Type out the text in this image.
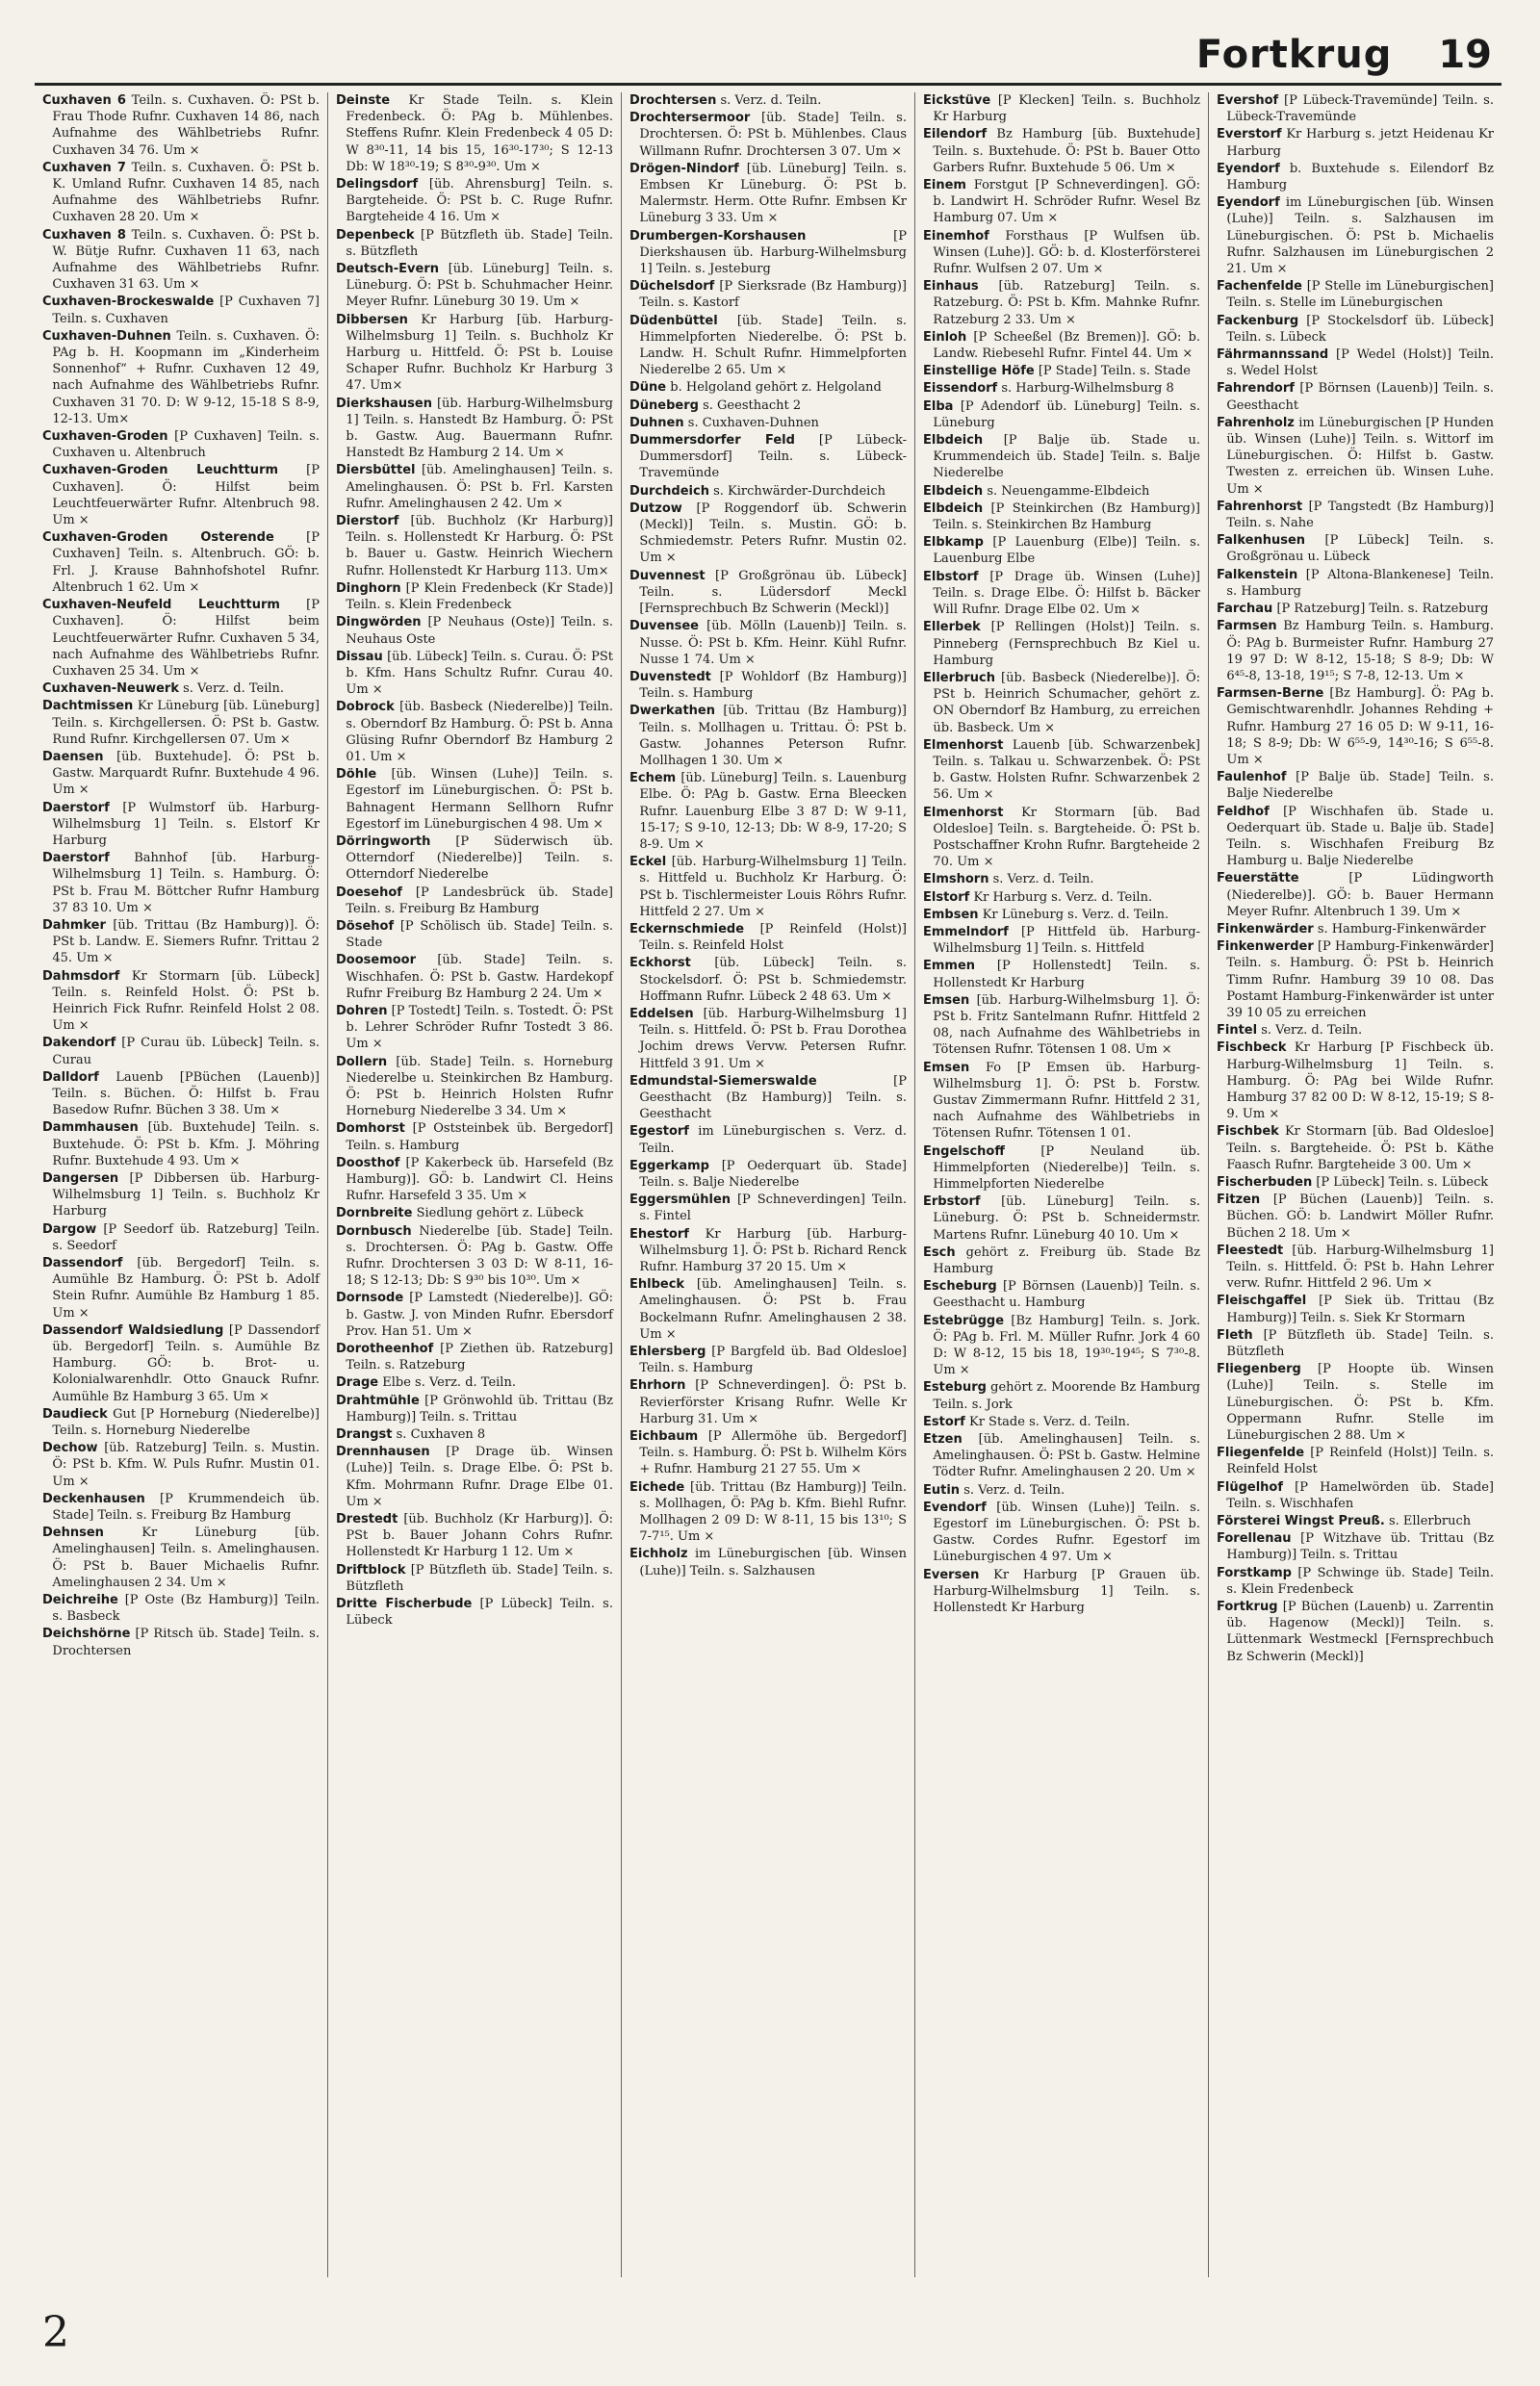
Fortkrug 19
Cuxhaven 6 Teiln. s. Cuxhaven. Ö: PSt b. Frau Thode Rufnr. Cuxhaven 14 86, nach Aufnahme des Wählbetriebs Rufnr. Cuxhaven 34 76. Um ×
Cuxhaven 7 Teiln. s. Cuxhaven. Ö: PSt b. K. Umland Rufnr. Cuxhaven 14 85, nach Aufnahme des Wählbetriebs Rufnr. Cuxhaven 28 20. Um ×
Cuxhaven 8 Teiln. s. Cuxhaven. Ö: PSt b. W. Bütje Rufnr. Cuxhaven 11 63, nach Aufnahme des Wählbetriebs Rufnr. Cuxhaven 31 63. Um ×
Cuxhaven-Brockeswalde [P Cuxhaven 7] Teiln. s. Cuxhaven
Cuxhaven-Duhnen Teiln. s. Cuxhaven. Ö: PAg b. H. Koopmann im „Kinderheim Sonnenhof“ + Rufnr. Cuxhaven 12 49, nach Aufnahme des Wählbetriebs Rufnr. Cuxhaven 31 70. D: W 9-12, 15-18 S 8-9, 12-13. Um×
Cuxhaven-Groden [P Cuxhaven] Teiln. s. Cuxhaven u. Altenbruch
Cuxhaven-Groden Leuchtturm [P Cuxhaven]. Ö: Hilfst beim Leuchtfeuerwärter Rufnr. Altenbruch 98. Um ×
Cuxhaven-Groden Osterende	[P Cuxhaven] Teiln. s. Altenbruch. GÖ: b. Frl. J. Krause Bahnhofshotel Rufnr. Altenbruch 1 62. Um ×
Cuxhaven-Neufeld Leuchtturm [P Cuxhaven]. Ö: Hilfst beim Leuchtfeuerwärter Rufnr. Cuxhaven 5 34, nach Aufnahme des Wählbetriebs Rufnr. Cuxhaven 25 34. Um ×
Cuxhaven-Neuwerk s. Verz. d. Teiln.
Dachtmissen Kr Lüneburg [üb. Lüneburg] Teiln. s. Kirchgellersen. Ö: PSt b. Gastw. Rund Rufnr. Kirchgellersen 07. Um ×
Daensen [üb. Buxtehude]. Ö: PSt b. Gastw. Marquardt Rufnr. Buxtehude 4 96. Um ×
Daerstorf [P Wulmstorf üb. Harburg-Wilhelmsburg 1] Teiln. s. Elstorf Kr Harburg
Daerstorf Bahnhof [üb. Harburg-Wilhelmsburg 1] Teiln. s. Hamburg. Ö: PSt b. Frau M. Böttcher Rufnr Hamburg 37 83 10. Um ×
Dahmker [üb. Trittau (Bz Hamburg)]. Ö: PSt b. Landw. E. Siemers Rufnr. Trittau 2 45. Um ×
Dahmsdorf Kr Stormarn [üb. Lübeck] Teiln. s. Reinfeld Holst. Ö: PSt b. Heinrich Fick Rufnr. Reinfeld Holst 2 08. Um ×
Dakendorf [P Curau üb. Lübeck] Teiln. s. Curau
Dalldorf Lauenb [PBüchen (Lauenb)] Teiln. s. Büchen. Ö: Hilfst b. Frau Basedow Rufnr. Büchen 3 38. Um ×
Dammhausen [üb. Buxtehude] Teiln. s. Buxtehude. Ö: PSt b. Kfm. J. Möhring Rufnr. Buxtehude 4 93. Um ×
Dangersen [P Dibbersen üb. Harburg-Wilhelmsburg 1] Teiln. s. Buchholz Kr Harburg
Dargow [P Seedorf üb. Ratzeburg] Teiln. s. Seedorf
Dassendorf [üb. Bergedorf] Teiln. s. Aumühle Bz Hamburg. Ö: PSt b. Adolf Stein Rufnr. Aumühle Bz Hamburg 1 85. Um ×
Dassendorf Waldsiedlung [P Dassendorf üb. Bergedorf] Teiln. s. Aumühle Bz Hamburg. GÖ: b. Brot- u. Kolonialwarenhdlr. Otto Gnauck Rufnr. Aumühle Bz Hamburg 3 65. Um ×
Daudieck Gut [P Horneburg (Niederelbe)] Teiln. s. Horneburg Niederelbe
Dechow [üb. Ratzeburg] Teiln. s. Mustin. Ö: PSt b. Kfm. W. Puls Rufnr. Mustin 01. Um ×
Deckenhausen [P Krummendeich üb. Stade] Teiln. s. Freiburg Bz Hamburg
Dehnsen	Kr Lüneburg [üb. Amelinghausen] Teiln. s. Amelinghausen. Ö: PSt b. Bauer Michaelis Rufnr. Amelinghausen 2 34. Um ×
Deichreihe [P Oste (Bz Hamburg)] Teiln. s. Basbeck
Deichshörne [P Ritsch üb. Stade] Teiln. s. Drochtersen
Deinste Kr Stade Teiln. s. Klein Fredenbeck. Ö: PAg b. Mühlenbes. Steffens Rufnr. Klein Fredenbeck 4 05 D: W 8³⁰-11, 14 bis 15, 16³⁰-17³⁰; S 12-13 Db: W 18³⁰-19; S 8³⁰-9³⁰. Um ×
Delingsdorf [üb. Ahrensburg] Teiln. s. Bargteheide. Ö: PSt b. C. Ruge Rufnr. Bargteheide 4 16. Um ×
Depenbeck [P Bützfleth üb. Stade] Teiln. s. Bützfleth
Deutsch-Evern [üb. Lüneburg] Teiln. s. Lüneburg. Ö: PSt b. Schuhmacher Heinr. Meyer Rufnr. Lüneburg 30 19. Um ×
Dibbersen Kr Harburg [üb. Harburg-Wilhelmsburg 1] Teiln. s. Buchholz Kr Harburg u. Hittfeld. Ö: PSt b. Louise Schaper Rufnr. Buchholz Kr Harburg 3 47. Um×
Dierkshausen [üb. Harburg-Wilhelmsburg 1] Teiln. s. Hanstedt Bz Hamburg. Ö: PSt b. Gastw. Aug. Bauermann Rufnr. Hanstedt Bz Hamburg 2 14. Um ×
Diersbüttel [üb. Amelinghausen] Teiln. s. Amelinghausen. Ö: PSt b. Frl. Karsten Rufnr. Amelinghausen 2 42. Um ×
Dierstorf [üb. Buchholz (Kr Harburg)] Teiln. s. Hollenstedt Kr Harburg. Ö: PSt b. Bauer u. Gastw. Heinrich Wiechern Rufnr. Hollenstedt Kr Harburg 113. Um×
Dinghorn [P Klein Fredenbeck (Kr Stade)] Teiln. s. Klein Fredenbeck
Dingwörden [P Neuhaus (Oste)] Teiln. s. Neuhaus Oste
Dissau [üb. Lübeck] Teiln. s. Curau. Ö: PSt b. Kfm. Hans Schultz Rufnr. Curau 40. Um ×
Dobrock [üb. Basbeck (Niederelbe)] Teiln. s. Oberndorf Bz Hamburg. Ö: PSt b. Anna Glüsing Rufnr Oberndorf Bz Hamburg 2 01. Um ×
Döhle [üb. Winsen (Luhe)] Teiln. s. Egestorf im Lüneburgischen. Ö: PSt b. Bahnagent Hermann Sellhorn Rufnr Egestorf im Lüneburgischen 4 98. Um ×
Dörringworth [P Süderwisch üb. Otterndorf (Niederelbe)] Teiln. s. Otterndorf Niederelbe
Doesehof [P Landesbrück üb. Stade] Teiln. s. Freiburg Bz Hamburg
Dösehof [P Schölisch üb. Stade] Teiln. s. Stade
Doosemoor [üb. Stade] Teiln. s. Wischhafen. Ö: PSt b. Gastw. Hardekopf Rufnr Freiburg Bz Hamburg 2 24. Um ×
Dohren [P Tostedt] Teiln. s. Tostedt. Ö: PSt b. Lehrer Schröder Rufnr Tostedt 3 86. Um ×
Dollern [üb. Stade] Teiln. s. Horneburg Niederelbe u. Steinkirchen Bz Hamburg. Ö: PSt b. Heinrich Holsten Rufnr Horneburg Niederelbe 3 34. Um ×
Domhorst [P Oststeinbek üb. Bergedorf] Teiln. s. Hamburg
Doosthof [P Kakerbeck üb. Harsefeld (Bz Hamburg)]. GÖ: b. Landwirt Cl. Heins Rufnr. Harsefeld 3 35. Um ×
Dornbreite Siedlung gehört z. Lübeck
Dornbusch Niederelbe [üb. Stade] Teiln. s. Drochtersen. Ö: PAg b. Gastw. Offe Rufnr. Drochtersen 3 03 D: W 8-11, 16-18; S 12-13; Db: S 9³⁰ bis 10³⁰. Um ×
Dornsode [P Lamstedt (Niederelbe)]. GÖ: b. Gastw. J. von Minden Rufnr. Ebersdorf Prov. Han 51. Um ×
Dorotheenhof [P Ziethen üb. Ratzeburg] Teiln. s. Ratzeburg
Drage Elbe s. Verz. d. Teiln.
Drahtmühle [P Grönwohld üb. Trittau (Bz Hamburg)] Teiln. s. Trittau
Drangst s. Cuxhaven 8
Drennhausen [P Drage üb. Winsen (Luhe)] Teiln. s. Drage Elbe. Ö: PSt b. Kfm. Mohrmann Rufnr. Drage Elbe 01. Um ×
Drestedt [üb. Buchholz (Kr Harburg)]. Ö: PSt b. Bauer Johann Cohrs Rufnr. Hollenstedt Kr Harburg 1 12. Um ×
Driftblock [P Bützfleth üb. Stade] Teiln. s. Bützfleth
Dritte Fischerbude [P Lübeck] Teiln. s. Lübeck
Drochtersen s. Verz. d. Teiln.
Drochtersermoor [üb. Stade] Teiln. s. Drochtersen. Ö: PSt b. Mühlenbes. Claus Willmann Rufnr. Drochtersen 3 07. Um ×
Drögen-Nindorf [üb. Lüneburg] Teiln. s. Embsen Kr Lüneburg. Ö: PSt b. Malermstr. Herm. Otte Rufnr. Embsen Kr Lüneburg 3 33. Um ×
Drumbergen-Korshausen	[P Dierkshausen üb. Harburg-Wilhelmsburg 1] Teiln. s. Jesteburg
Düchelsdorf [P Sierksrade (Bz Hamburg)] Teiln. s. Kastorf
Düdenbüttel [üb. Stade] Teiln. s. Himmelpforten Niederelbe. Ö: PSt b. Landw. H. Schult Rufnr. Himmelpforten Niederelbe 2 65. Um ×
Düne b. Helgoland gehört z. Helgoland
Düneberg s. Geesthacht 2
Duhnen s. Cuxhaven-Duhnen
Dummersdorfer Feld [P Lübeck-Dummersdorf] Teiln. s. Lübeck-Travemünde
Durchdeich s. Kirchwärder-Durchdeich
Dutzow [P Roggendorf üb. Schwerin (Meckl)] Teiln. s. Mustin. GÖ: b. Schmiedemstr. Peters Rufnr. Mustin 02. Um ×
Duvennest [P Großgrönau üb. Lübeck] Teiln. s. Lüdersdorf Meckl [Fernsprechbuch Bz Schwerin (Meckl)]
Duvensee [üb. Mölln (Lauenb)] Teiln. s. Nusse. Ö: PSt b. Kfm. Heinr. Kühl Rufnr. Nusse 1 74. Um ×
Duvenstedt [P Wohldorf (Bz Hamburg)] Teiln. s. Hamburg
Dwerkathen [üb. Trittau (Bz Hamburg)] Teiln. s. Mollhagen u. Trittau. Ö: PSt b. Gastw. Johannes Peterson Rufnr. Mollhagen 1 30. Um ×
Echem [üb. Lüneburg] Teiln. s. Lauenburg Elbe. Ö: PAg b. Gastw. Erna Bleecken Rufnr. Lauenburg Elbe 3 87 D: W 9-11, 15-17; S 9-10, 12-13; Db: W 8-9, 17-20; S 8-9. Um ×
Eckel [üb. Harburg-Wilhelmsburg 1] Teiln. s. Hittfeld u. Buchholz Kr Harburg. Ö: PSt b. Tischlermeister Louis Röhrs Rufnr. Hittfeld 2 27. Um ×
Eckernschmiede [P Reinfeld (Holst)] Teiln. s. Reinfeld Holst
Eckhorst [üb. Lübeck] Teiln. s. Stockelsdorf. Ö: PSt b. Schmiedemstr. Hoffmann Rufnr. Lübeck 2 48 63. Um ×
Eddelsen [üb. Harburg-Wilhelmsburg 1] Teiln. s. Hittfeld. Ö: PSt b. Frau Dorothea Jochim drews Vervw. Petersen Rufnr. Hittfeld 3 91. Um ×
Edmundstal-Siemerswalde	[P Geesthacht (Bz Hamburg)] Teiln. s. Geesthacht
Egestorf im Lüneburgischen s. Verz. d. Teiln.
Eggerkamp [P Oederquart üb. Stade] Teiln. s. Balje Niederelbe
Eggersmühlen [P Schneverdingen] Teiln. s. Fintel
Ehestorf Kr Harburg [üb. Harburg-Wilhelmsburg 1]. Ö: PSt b. Richard Renck Rufnr. Hamburg 37 20 15. Um ×
Ehlbeck [üb. Amelinghausen] Teiln. s. Amelinghausen. Ö: PSt b. Frau Bockelmann Rufnr. Amelinghausen 2 38. Um ×
Ehlersberg [P Bargfeld üb. Bad Oldesloe] Teiln. s. Hamburg
Ehrhorn [P Schneverdingen]. Ö: PSt b. Revierförster Krisang Rufnr. Welle Kr Harburg 31. Um ×
Eichbaum [P Allermöhe üb. Bergedorf] Teiln. s. Hamburg. Ö: PSt b. Wilhelm Körs + Rufnr. Hamburg 21 27 55. Um ×
Eichede [üb. Trittau (Bz Hamburg)] Teiln. s. Mollhagen, Ö: PAg b. Kfm. Biehl Rufnr. Mollhagen 2 09 D: W 8-11, 15 bis 13¹⁰; S 7-7¹⁵. Um ×
Eichholz im Lüneburgischen [üb. Winsen (Luhe)] Teiln. s. Salzhausen
Eickstüve [P Klecken] Teiln. s. Buchholz Kr Harburg
Eilendorf Bz Hamburg [üb. Buxtehude] Teiln. s. Buxtehude. Ö: PSt b. Bauer Otto Garbers Rufnr. Buxtehude 5 06. Um ×
Einem Forstgut [P Schneverdingen]. GÖ: b. Landwirt H. Schröder Rufnr. Wesel Bz Hamburg 07. Um ×
Einemhof Forsthaus [P Wulfsen üb. Winsen (Luhe)]. GÖ: b. d. Klosterförsterei Rufnr. Wulfsen 2 07. Um ×
Einhaus [üb. Ratzeburg] Teiln. s. Ratzeburg. Ö: PSt b. Kfm. Mahnke Rufnr. Ratzeburg 2 33. Um ×
Einloh [P Scheeßel (Bz Bremen)]. GÖ: b. Landw. Riebesehl Rufnr. Fintel 44. Um ×
Einstellige Höfe [P Stade] Teiln. s. Stade
Eissendorf s. Harburg-Wilhelmsburg 8
Elba [P Adendorf üb. Lüneburg] Teiln. s. Lüneburg
Elbdeich [P Balje üb. Stade u. Krummendeich üb. Stade] Teiln. s. Balje Niederelbe
Elbdeich s. Neuengamme-Elbdeich
Elbdeich [P Steinkirchen (Bz Hamburg)] Teiln. s. Steinkirchen Bz Hamburg
Elbkamp [P Lauenburg (Elbe)] Teiln. s. Lauenburg Elbe
Elbstorf [P Drage üb. Winsen (Luhe)] Teiln. s. Drage Elbe. Ö: Hilfst b. Bäcker Will Rufnr. Drage Elbe 02. Um ×
Ellerbek [P Rellingen (Holst)] Teiln. s. Pinneberg (Fernsprechbuch Bz Kiel u. Hamburg
Ellerbruch [üb. Basbeck (Niederelbe)]. Ö: PSt b. Heinrich Schumacher, gehört z. ON Oberndorf Bz Hamburg, zu erreichen üb. Basbeck. Um ×
Elmenhorst Lauenb [üb. Schwarzenbek] Teiln. s. Talkau u. Schwarzenbek. Ö: PSt b. Gastw. Holsten Rufnr. Schwarzenbek 2 56. Um ×
Elmenhorst Kr Stormarn [üb. Bad Oldesloe] Teiln. s. Bargteheide. Ö: PSt b. Postschaffner Krohn Rufnr. Bargteheide 2 70. Um ×
Elmshorn s. Verz. d. Teiln.
Elstorf Kr Harburg s. Verz. d. Teiln.
Embsen Kr Lüneburg s. Verz. d. Teiln.
Emmelndorf [P Hittfeld üb. Harburg-Wilhelmsburg 1] Teiln. s. Hittfeld
Emmen [P Hollenstedt] Teiln. s. Hollenstedt Kr Harburg
Emsen [üb. Harburg-Wilhelmsburg 1]. Ö: PSt b. Fritz Santelmann Rufnr. Hittfeld 2 08, nach Aufnahme des Wählbetriebs in Tötensen Rufnr. Tötensen 1 08. Um ×
Emsen Fo [P Emsen üb. Harburg-Wilhelmsburg 1]. Ö: PSt b. Forstw. Gustav Zimmermann Rufnr. Hittfeld 2 31, nach Aufnahme des Wählbetriebs in Tötensen Rufnr. Tötensen 1 01.
Engelschoff	[P Neuland üb. Himmelpforten (Niederelbe)] Teiln. s. Himmelpforten Niederelbe
Erbstorf [üb. Lüneburg] Teiln. s. Lüneburg. Ö: PSt b. Schneidermstr. Martens Rufnr. Lüneburg 40 10. Um ×
Esch gehört z. Freiburg üb. Stade Bz Hamburg
Escheburg [P Börnsen (Lauenb)] Teiln. s. Geesthacht u. Hamburg
Estebrügge [Bz Hamburg] Teiln. s. Jork. Ö: PAg b. Frl. M. Müller Rufnr. Jork 4 60 D: W 8-12, 15 bis 18, 19³⁰-19⁴⁵; S 7³⁰-8. Um ×
Esteburg gehört z. Moorende Bz Hamburg Teiln. s. Jork
Estorf Kr Stade s. Verz. d. Teiln.
Etzen [üb. Amelinghausen] Teiln. s. Amelinghausen. Ö: PSt b. Gastw. Helmine Tödter Rufnr. Amelinghausen 2 20. Um ×
Eutin s. Verz. d. Teiln.
Evendorf [üb. Winsen (Luhe)] Teiln. s. Egestorf im Lüneburgischen. Ö: PSt b. Gastw. Cordes Rufnr. Egestorf im Lüneburgischen 4 97. Um ×
Eversen Kr Harburg [P Grauen üb. Harburg-Wilhelmsburg 1] Teiln. s. Hollenstedt Kr Harburg
Evershof [P Lübeck-Travemünde] Teiln. s. Lübeck-Travemünde
Everstorf Kr Harburg s. jetzt Heidenau Kr Harburg
Eyendorf b. Buxtehude s. Eilendorf Bz Hamburg
Eyendorf im Lüneburgischen [üb. Winsen (Luhe)] Teiln. s. Salzhausen im Lüneburgischen. Ö: PSt b. Michaelis Rufnr. Salzhausen im Lüneburgischen 2 21. Um ×
Fachenfelde [P Stelle im Lüneburgischen] Teiln. s. Stelle im Lüneburgischen
Fackenburg [P Stockelsdorf üb. Lübeck] Teiln. s. Lübeck
Fährmannssand [P Wedel (Holst)] Teiln. s. Wedel Holst
Fahrendorf [P Börnsen (Lauenb)] Teiln. s. Geesthacht
Fahrenholz im Lüneburgischen [P Hunden üb. Winsen (Luhe)] Teiln. s. Wittorf im Lüneburgischen. Ö: Hilfst b. Gastw. Twesten z. erreichen üb. Winsen Luhe. Um ×
Fahrenhorst [P Tangstedt (Bz Hamburg)] Teiln. s. Nahe
Falkenhusen [P Lübeck] Teiln. s. Großgrönau u. Lübeck
Falkenstein [P Altona-Blankenese] Teiln. s. Hamburg
Farchau [P Ratzeburg] Teiln. s. Ratzeburg
Farmsen Bz Hamburg Teiln. s. Hamburg. Ö: PAg b. Burmeister Rufnr. Hamburg 27 19 97 D: W 8-12, 15-18; S 8-9; Db: W 6⁴⁵-8, 13-18, 19¹⁵; S 7-8, 12-13. Um ×
Farmsen-Berne [Bz Hamburg]. Ö: PAg b. Gemischtwarenhdlr. Johannes Rehding + Rufnr. Hamburg 27 16 05 D: W 9-11, 16-18; S 8-9; Db: W 6⁵⁵-9, 14³⁰-16; S 6⁵⁵-8. Um ×
Faulenhof [P Balje üb. Stade] Teiln. s. Balje Niederelbe
Feldhof [P Wischhafen üb. Stade u. Oederquart üb. Stade u. Balje üb. Stade] Teiln. s. Wischhafen Freiburg Bz Hamburg u. Balje Niederelbe
Feuerstätte	[P Lüdingworth (Niederelbe)]. GÖ: b. Bauer Hermann Meyer Rufnr. Altenbruch 1 39. Um ×
Finkenwärder s. Hamburg-Finkenwärder
Finkenwerder [P Hamburg-Finkenwärder] Teiln. s. Hamburg. Ö: PSt b. Heinrich Timm Rufnr. Hamburg 39 10 08. Das Postamt Hamburg-Finkenwärder ist unter 39 10 05 zu erreichen
Fintel s. Verz. d. Teiln.
Fischbeck Kr Harburg [P Fischbeck üb. Harburg-Wilhelmsburg 1] Teiln. s. Hamburg. Ö: PAg bei Wilde Rufnr. Hamburg 37 82 00 D: W 8-12, 15-19; S 8-9. Um ×
Fischbek Kr Stormarn [üb. Bad Oldesloe] Teiln. s. Bargteheide. Ö: PSt b. Käthe Faasch Rufnr. Bargteheide 3 00. Um ×
Fischerbuden [P Lübeck] Teiln. s. Lübeck
Fitzen [P Büchen (Lauenb)] Teiln. s. Büchen. GÖ: b. Landwirt Möller Rufnr. Büchen 2 18. Um ×
Fleestedt [üb. Harburg-Wilhelmsburg 1] Teiln. s. Hittfeld. Ö: PSt b. Hahn Lehrer verw. Rufnr. Hittfeld 2 96. Um ×
Fleischgaffel [P Siek üb. Trittau (Bz Hamburg)] Teiln. s. Siek Kr Stormarn
Fleth [P Bützfleth üb. Stade] Teiln. s. Bützfleth
Fliegenberg [P Hoopte üb. Winsen (Luhe)] Teiln. s. Stelle im Lüneburgischen. Ö: PSt b. Kfm. Oppermann Rufnr. Stelle im Lüneburgischen 2 88. Um ×
Fliegenfelde [P Reinfeld (Holst)] Teiln. s. Reinfeld Holst
Flügelhof [P Hamelwörden üb. Stade] Teiln. s. Wischhafen
Försterei Wingst Preuß. s. Ellerbruch
Forellenau [P Witzhave üb. Trittau (Bz Hamburg)] Teiln. s. Trittau
Forstkamp [P Schwinge üb. Stade] Teiln. s. Klein Fredenbeck
Fortkrug [P Büchen (Lauenb) u. Zarrentin üb. Hagenow (Meckl)] Teiln. s. Lüttenmark Westmeckl [Fernsprechbuch Bz Schwerin (Meckl)]
2
